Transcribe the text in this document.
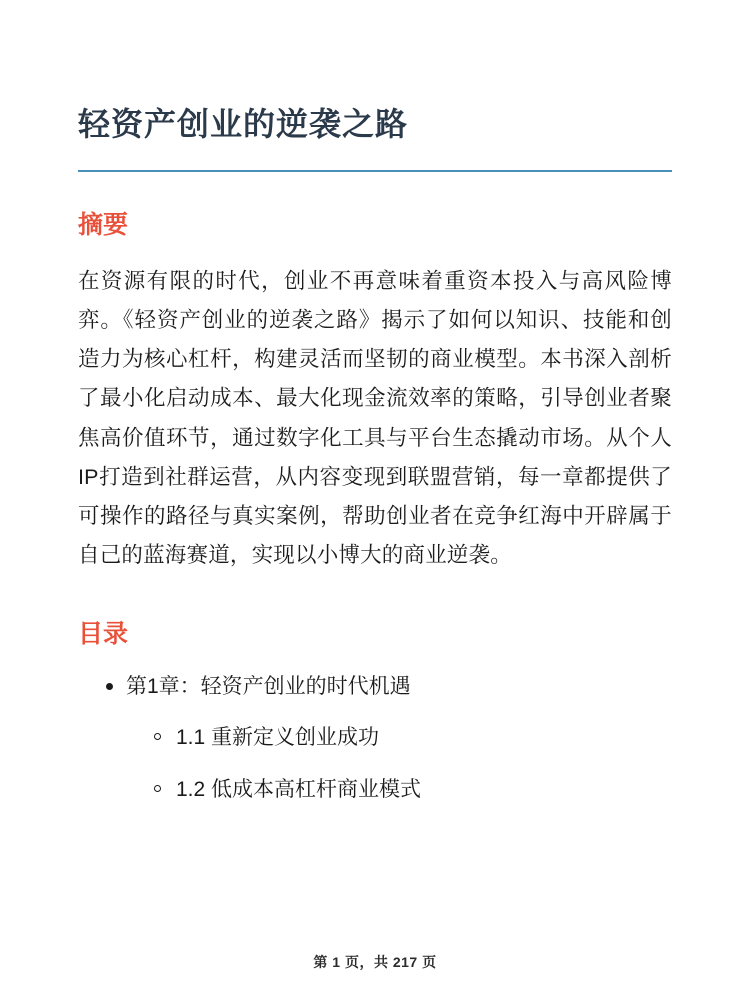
轻资产创业的逆袭之路
摘要

在资源有限的时代，创业不再意味着重资本投入与高风险博弈。《轻资产创业的逆袭之路》揭示了如何以知识、技能和创造力为核心杠杆，构建灵活而坚韧的商业模型。本书深入剖析了最小化启动成本、最大化现金流效率的策略，引导创业者聚焦高价值环节，通过数字化工具与平台生态撬动市场。从个人IP打造到社群运营，从内容变现到联盟营销，每一章都提供了可操作的路径与真实案例，帮助创业者在竞争红海中开辟属于自己的蓝海赛道，实现以小博大的商业逆袭。

目录
第1章：轻资产创业的时代机遇
1.1 重新定义创业成功
1.2 低成本高杠杆商业模式
第 1 页，共 217 页
